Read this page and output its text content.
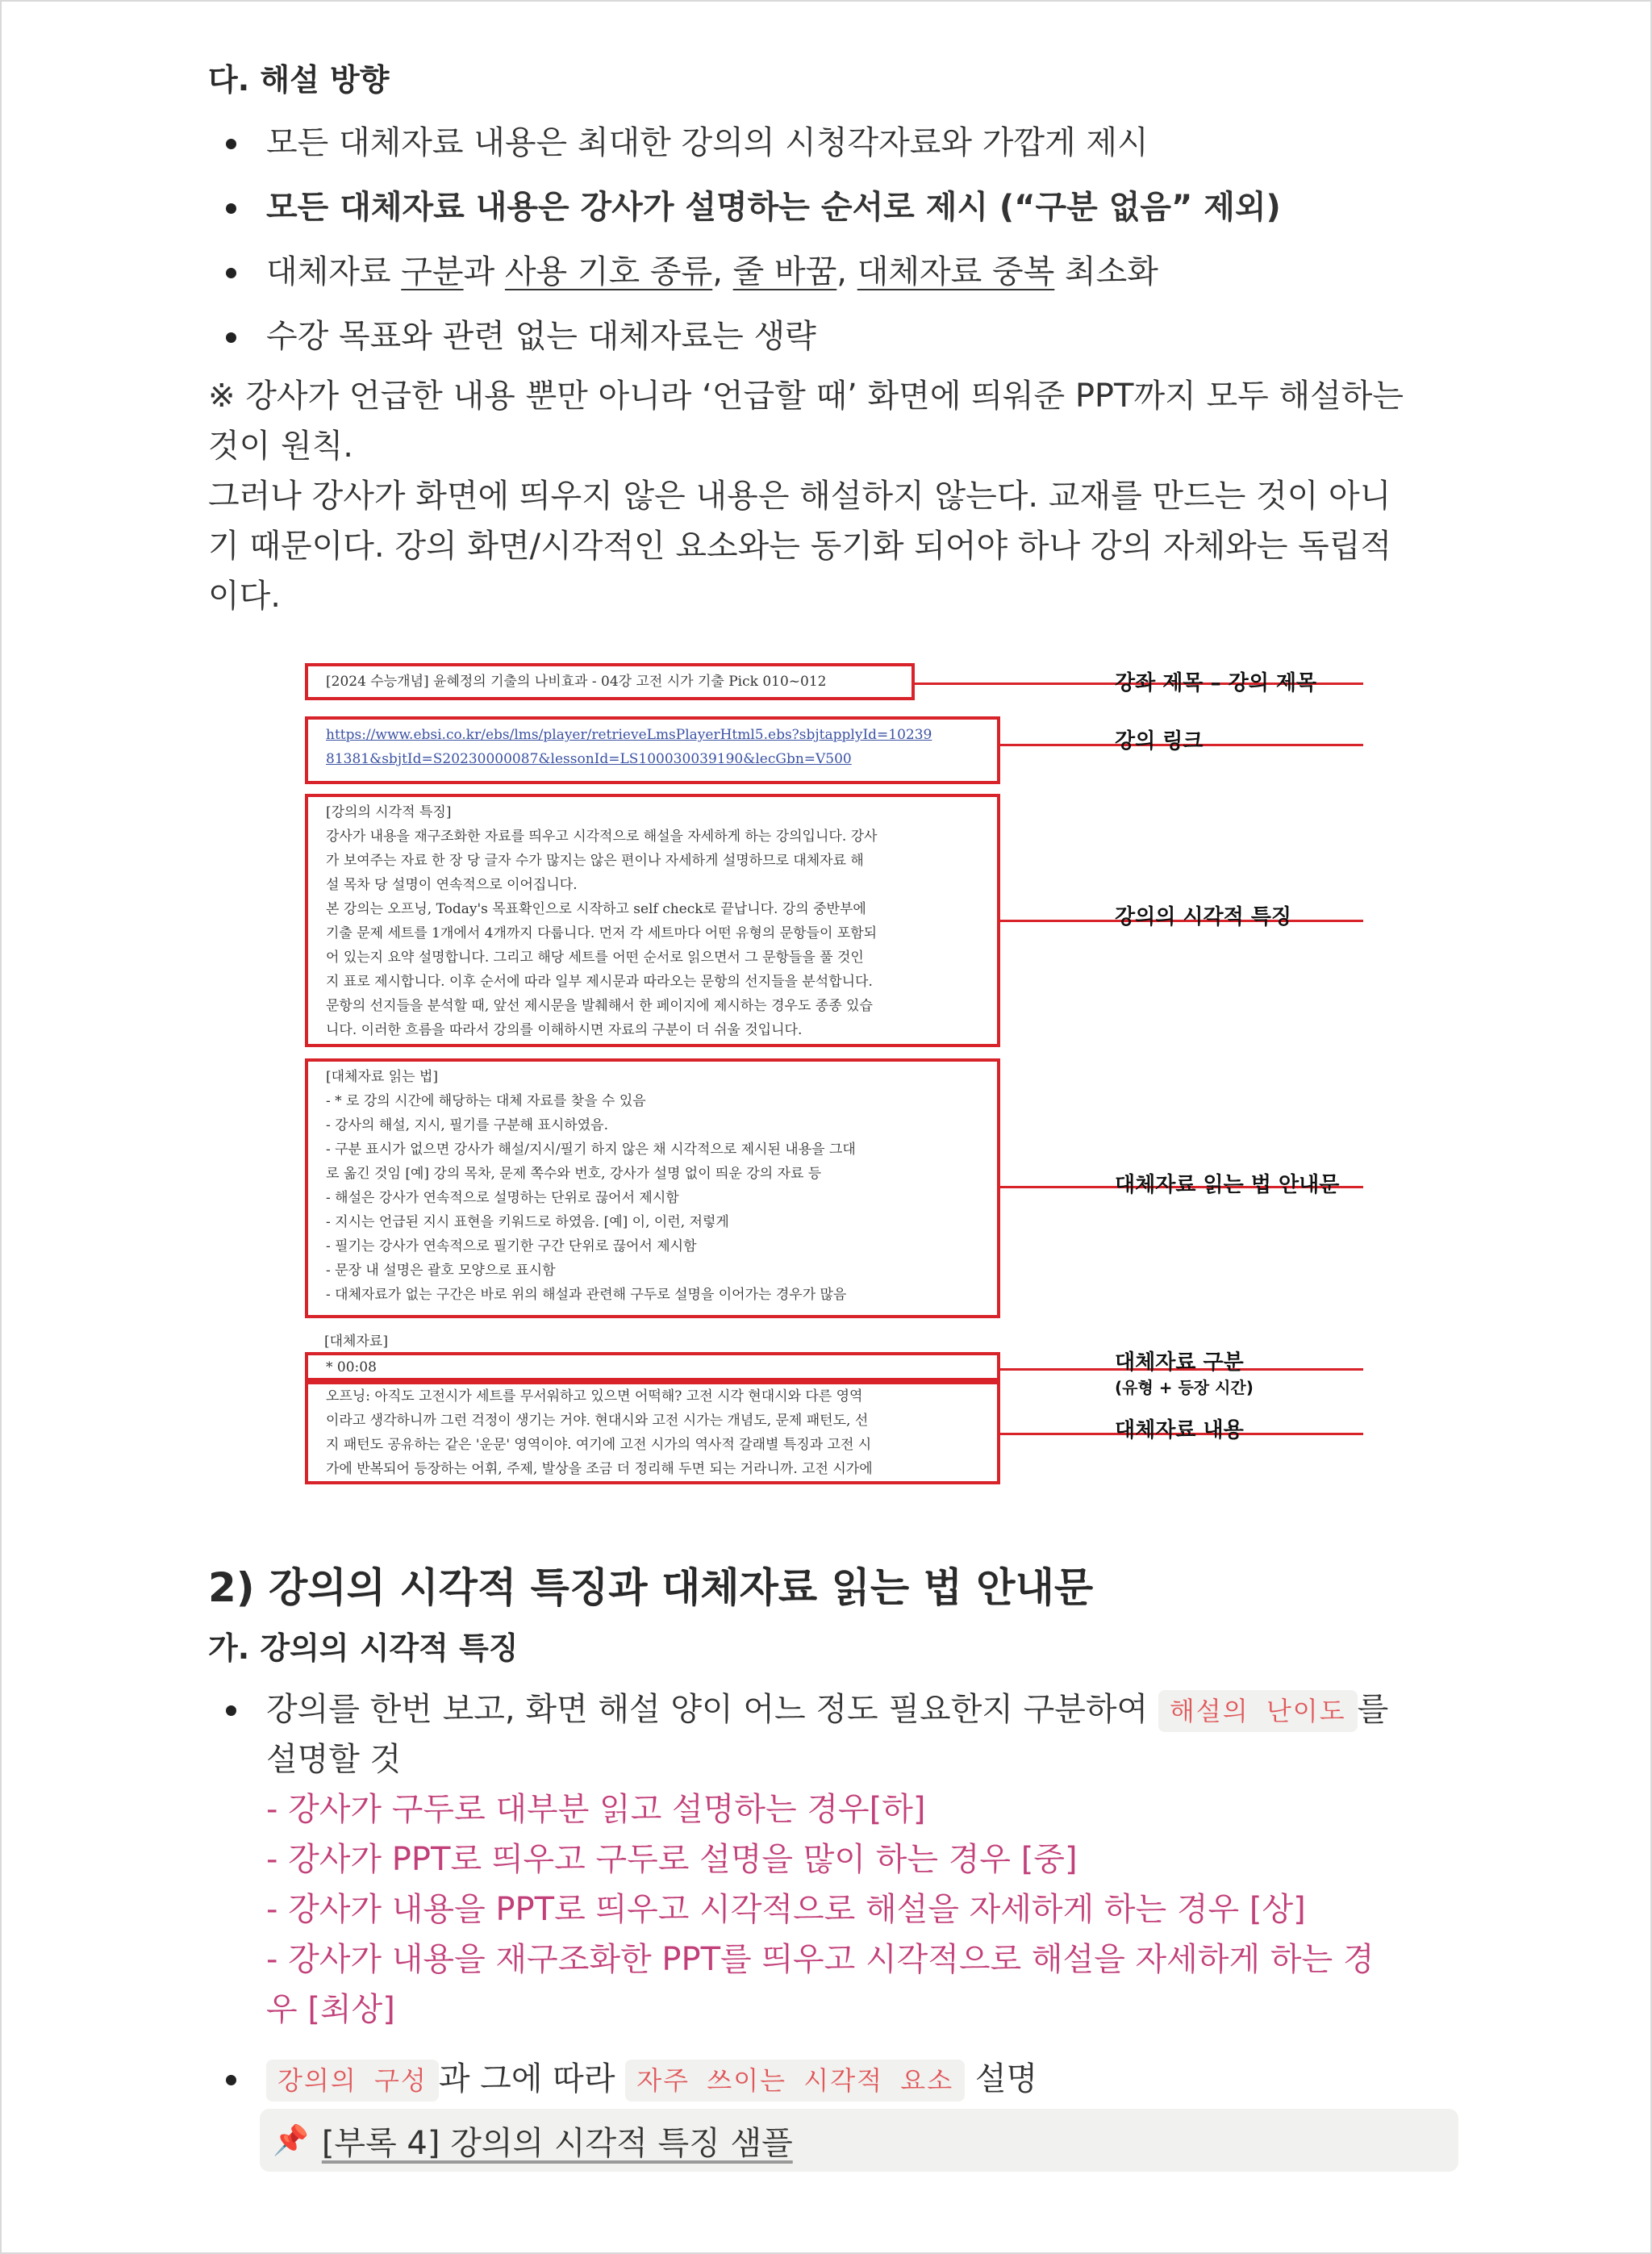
다. 해설 방향
모든 대체자료 내용은 최대한 강의의 시청각자료와 가깝게 제시
모든 대체자료 내용은 강사가 설명하는 순서로 제시 (“구분 없음” 제외)
대체자료 구분과 사용 기호 종류, 줄 바꿈, 대체자료 중복 최소화
수강 목표와 관련 없는 대체자료는 생략

※ 강사가 언급한 내용 뿐만 아니라 ‘언급할 때’ 화면에 띄워준 PPT까지 모두 해설하는

것이 원칙.

그러나 강사가 화면에 띄우지 않은 내용은 해설하지 않는다. 교재를 만드는 것이 아니

기 때문이다. 강의 화면/시각적인 요소와는 동기화 되어야 하나 강의 자체와는 독립적

이다.

[2024 수능개념] 윤혜정의 기출의 나비효과 - 04강 고전 시가 기출 Pick 010~012
https://www.ebsi.co.kr/ebs/lms/player/retrieveLmsPlayerHtml5.ebs?sbjtapplyId=10239
81381&sbjtId=S20230000087&lessonId=LS100030039190&lecGbn=V500
[강의의 시각적 특징]
강사가 내용을 재구조화한 자료를 띄우고 시각적으로 해설을 자세하게 하는 강의입니다. 강사
가 보여주는 자료 한 장 당 글자 수가 많지는 않은 편이나 자세하게 설명하므로 대체자료 해
설 목차 당 설명이 연속적으로 이어집니다.
본 강의는 오프닝, Today's 목표확인으로 시작하고 self check로 끝납니다. 강의 중반부에
기출 문제 세트를 1개에서 4개까지 다룹니다. 먼저 각 세트마다 어떤 유형의 문항들이 포함되
어 있는지 요약 설명합니다. 그리고 해당 세트를 어떤 순서로 읽으면서 그 문항들을 풀 것인
지 표로 제시합니다. 이후 순서에 따라 일부 제시문과 따라오는 문항의 선지들을 분석합니다.
문항의 선지들을 분석할 때, 앞선 제시문을 발췌해서 한 페이지에 제시하는 경우도 종종 있습
니다. 이러한 흐름을 따라서 강의를 이해하시면 자료의 구분이 더 쉬울 것입니다.
[대체자료 읽는 법]
- * 로 강의 시간에 해당하는 대체 자료를 찾을 수 있음
- 강사의 해설, 지시, 필기를 구분해 표시하였음.
- 구분 표시가 없으면 강사가 해설/지시/필기 하지 않은 채 시각적으로 제시된 내용을 그대
로 옮긴 것임 [예] 강의 목차, 문제 쪽수와 번호, 강사가 설명 없이 띄운 강의 자료 등
- 해설은 강사가 연속적으로 설명하는 단위로 끊어서 제시함
- 지시는 언급된 지시 표현을 키워드로 하였음. [예] 이, 이런, 저렇게
- 필기는 강사가 연속적으로 필기한 구간 단위로 끊어서 제시함
- 문장 내 설명은 괄호 모양으로 표시함
- 대체자료가 없는 구간은 바로 위의 해설과 관련해 구두로 설명을 이어가는 경우가 많음
[대체자료]
* 00:08
오프닝: 아직도 고전시가 세트를 무서워하고 있으면 어떡해? 고전 시각 현대시와 다른 영역
이라고 생각하니까 그런 걱정이 생기는 거야. 현대시와 고전 시가는 개념도, 문제 패턴도, 선
지 패턴도 공유하는 같은 '운문' 영역이야. 여기에 고전 시가의 역사적 갈래별 특징과 고전 시
가에 반복되어 등장하는 어휘, 주제, 발상을 조금 더 정리해 두면 되는 거라니까. 고전 시가에
강좌 제목 – 강의 제목
강의 링크
강의의 시각적 특징
대체자료 읽는 법 안내문
대체자료 구분
(유형 + 등장 시간)
대체자료 내용
2) 강의의 시각적 특징과 대체자료 읽는 법 안내문
가. 강의의 시각적 특징
강의를 한번 보고, 화면 해설 양이 어느 정도 필요한지 구분하여 해설의 난이도 를

설명할 것

- 강사가 구두로 대부분 읽고 설명하는 경우[하]

- 강사가 PPT로 띄우고 구두로 설명을 많이 하는 경우 [중]

- 강사가 내용을 PPT로 띄우고 시각적으로 해설을 자세하게 하는 경우 [상]

- 강사가 내용을 재구조화한 PPT를 띄우고 시각적으로 해설을 자세하게 하는 경

우 [최상]

강의의 구성 과 그에 따라 자주 쓰이는 시각적 요소 설명
📌 [부록 4] 강의의 시각적 특징 샘플
